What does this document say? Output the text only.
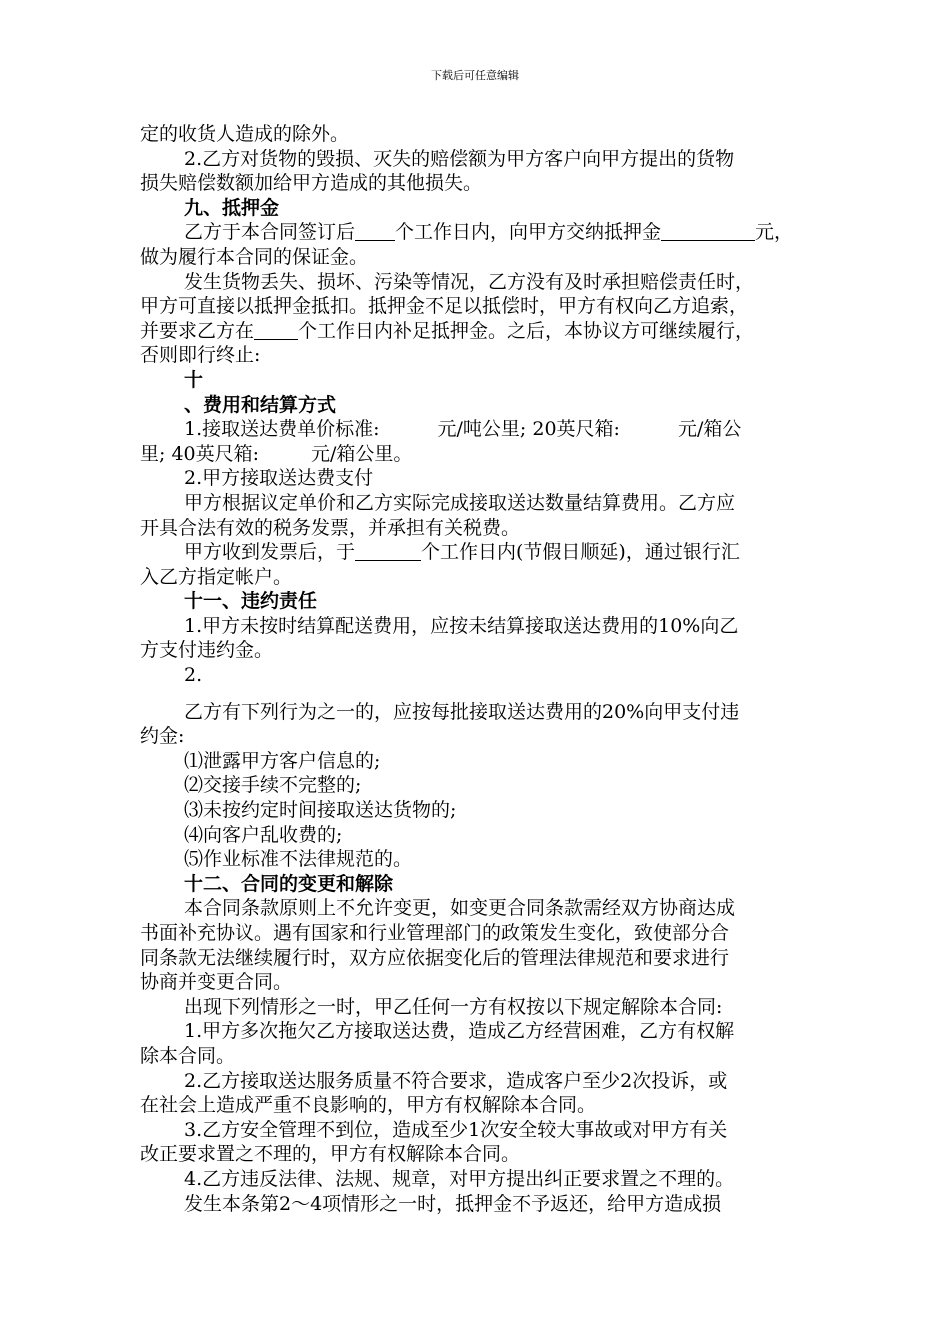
下载后可任意编辑
定的收货人造成的除外。
2.乙方对货物的毁损、灭失的赔偿额为甲方客户向甲方提出的货物
损失赔偿数额加给甲方造成的其他损失。
九、抵押金
乙方于本合同签订后 个工作日内，向甲方交纳抵押金	元，
做为履行本合同的保证金。
发生货物丢失、损坏、污染等情况，乙方没有及时承担赔偿责任时，
甲方可直接以抵押金抵扣。抵押金不足以抵偿时，甲方有权向乙方追索，
并要求乙方在 个工作日内补足抵押金。之后，本协议方可继续履行，
否则即行终止:
十
、费用和结算方式
1.接取送达费单价标准:	元/吨公里; 20英尺箱:	元/箱公
里; 40英尺箱:	元/箱公里。
2.甲方接取送达费支付
甲方根据议定单价和乙方实际完成接取送达数量结算费用。乙方应
开具合法有效的税务发票，并承担有关税费。
甲方收到发票后，于	个工作日内(节假日顺延)，通过银行汇
入乙方指定帐户。
十一、违约责任
1.甲方未按时结算配送费用，应按未结算接取送达费用的10%向乙
方支付违约金。
2.
乙方有下列行为之一的，应按每批接取送达费用的20%向甲支付违
约金:
⑴泄露甲方客户信息的;
⑵交接手续不完整的;
⑶未按约定时间接取送达货物的;
⑷向客户乱收费的;
⑸作业标准不法律规范的。
十二、合同的变更和解除
本合同条款原则上不允许变更，如变更合同条款需经双方协商达成
书面补充协议。遇有国家和行业管理部门的政策发生变化，致使部分合
同条款无法继续履行时，双方应依据变化后的管理法律规范和要求进行
协商并变更合同。
出现下列情形之一时，甲乙任何一方有权按以下规定解除本合同:
1.甲方多次拖欠乙方接取送达费，造成乙方经营困难，乙方有权解
除本合同。
2.乙方接取送达服务质量不符合要求，造成客户至少2次投诉，或
在社会上造成严重不良影响的，甲方有权解除本合同。
3.乙方安全管理不到位，造成至少1次安全较大事故或对甲方有关
改正要求置之不理的，甲方有权解除本合同。
4.乙方违反法律、法规、规章，对甲方提出纠正要求置之不理的。
发生本条第2～4项情形之一时，抵押金不予返还，给甲方造成损
